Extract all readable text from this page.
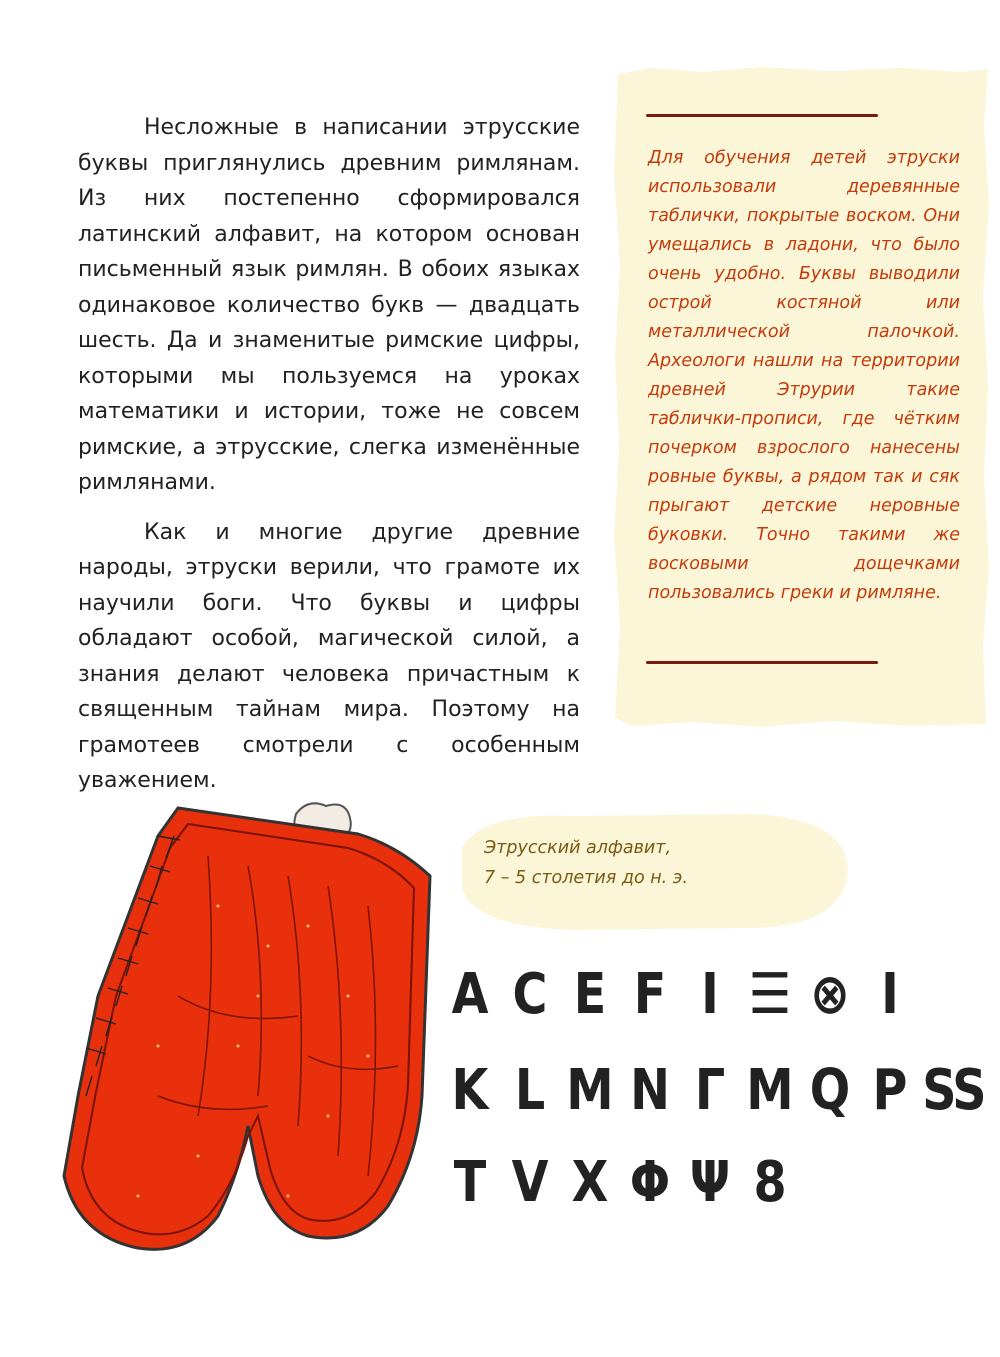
Несложные в написании этрусские буквы приглянулись древним римлянам. Из них постепенно сформировался латинский алфавит, на котором основан письменный язык римлян. В обоих языках одинаковое количество букв — двадцать шесть. Да и знаменитые римские цифры, которыми мы пользуемся на уроках математики и истории, тоже не совсем римские, а этрусские, слегка изменённые римлянами.

Как и многие другие древние народы, этруски верили, что грамоте их научили боги. Что буквы и цифры обладают особой, магической силой, а знания делают человека причастным к священным тайнам мира. Поэтому на грамотеев смотрели с особенным уважением.

Для обучения детей этруски использовали деревянные таблички, покрытые воском. Они умещались в ладони, что было очень удобно. Буквы выводили острой костяной или металлической палочкой. Археологи нашли на территории древней Этрурии такие таблички-прописи, где чётким почерком взрослого нанесены ровные буквы, а рядом так и сяк прыгают детские неровные буковки. Точно такими же восковыми дощечками пользовались греки и римляне.

Этрусский алфавит,
7 – 5 столетия до н. э.
A C E F I ☰ ⊗ I
K L M N Γ M Q P S
S
T V X Φ Ψ 8
